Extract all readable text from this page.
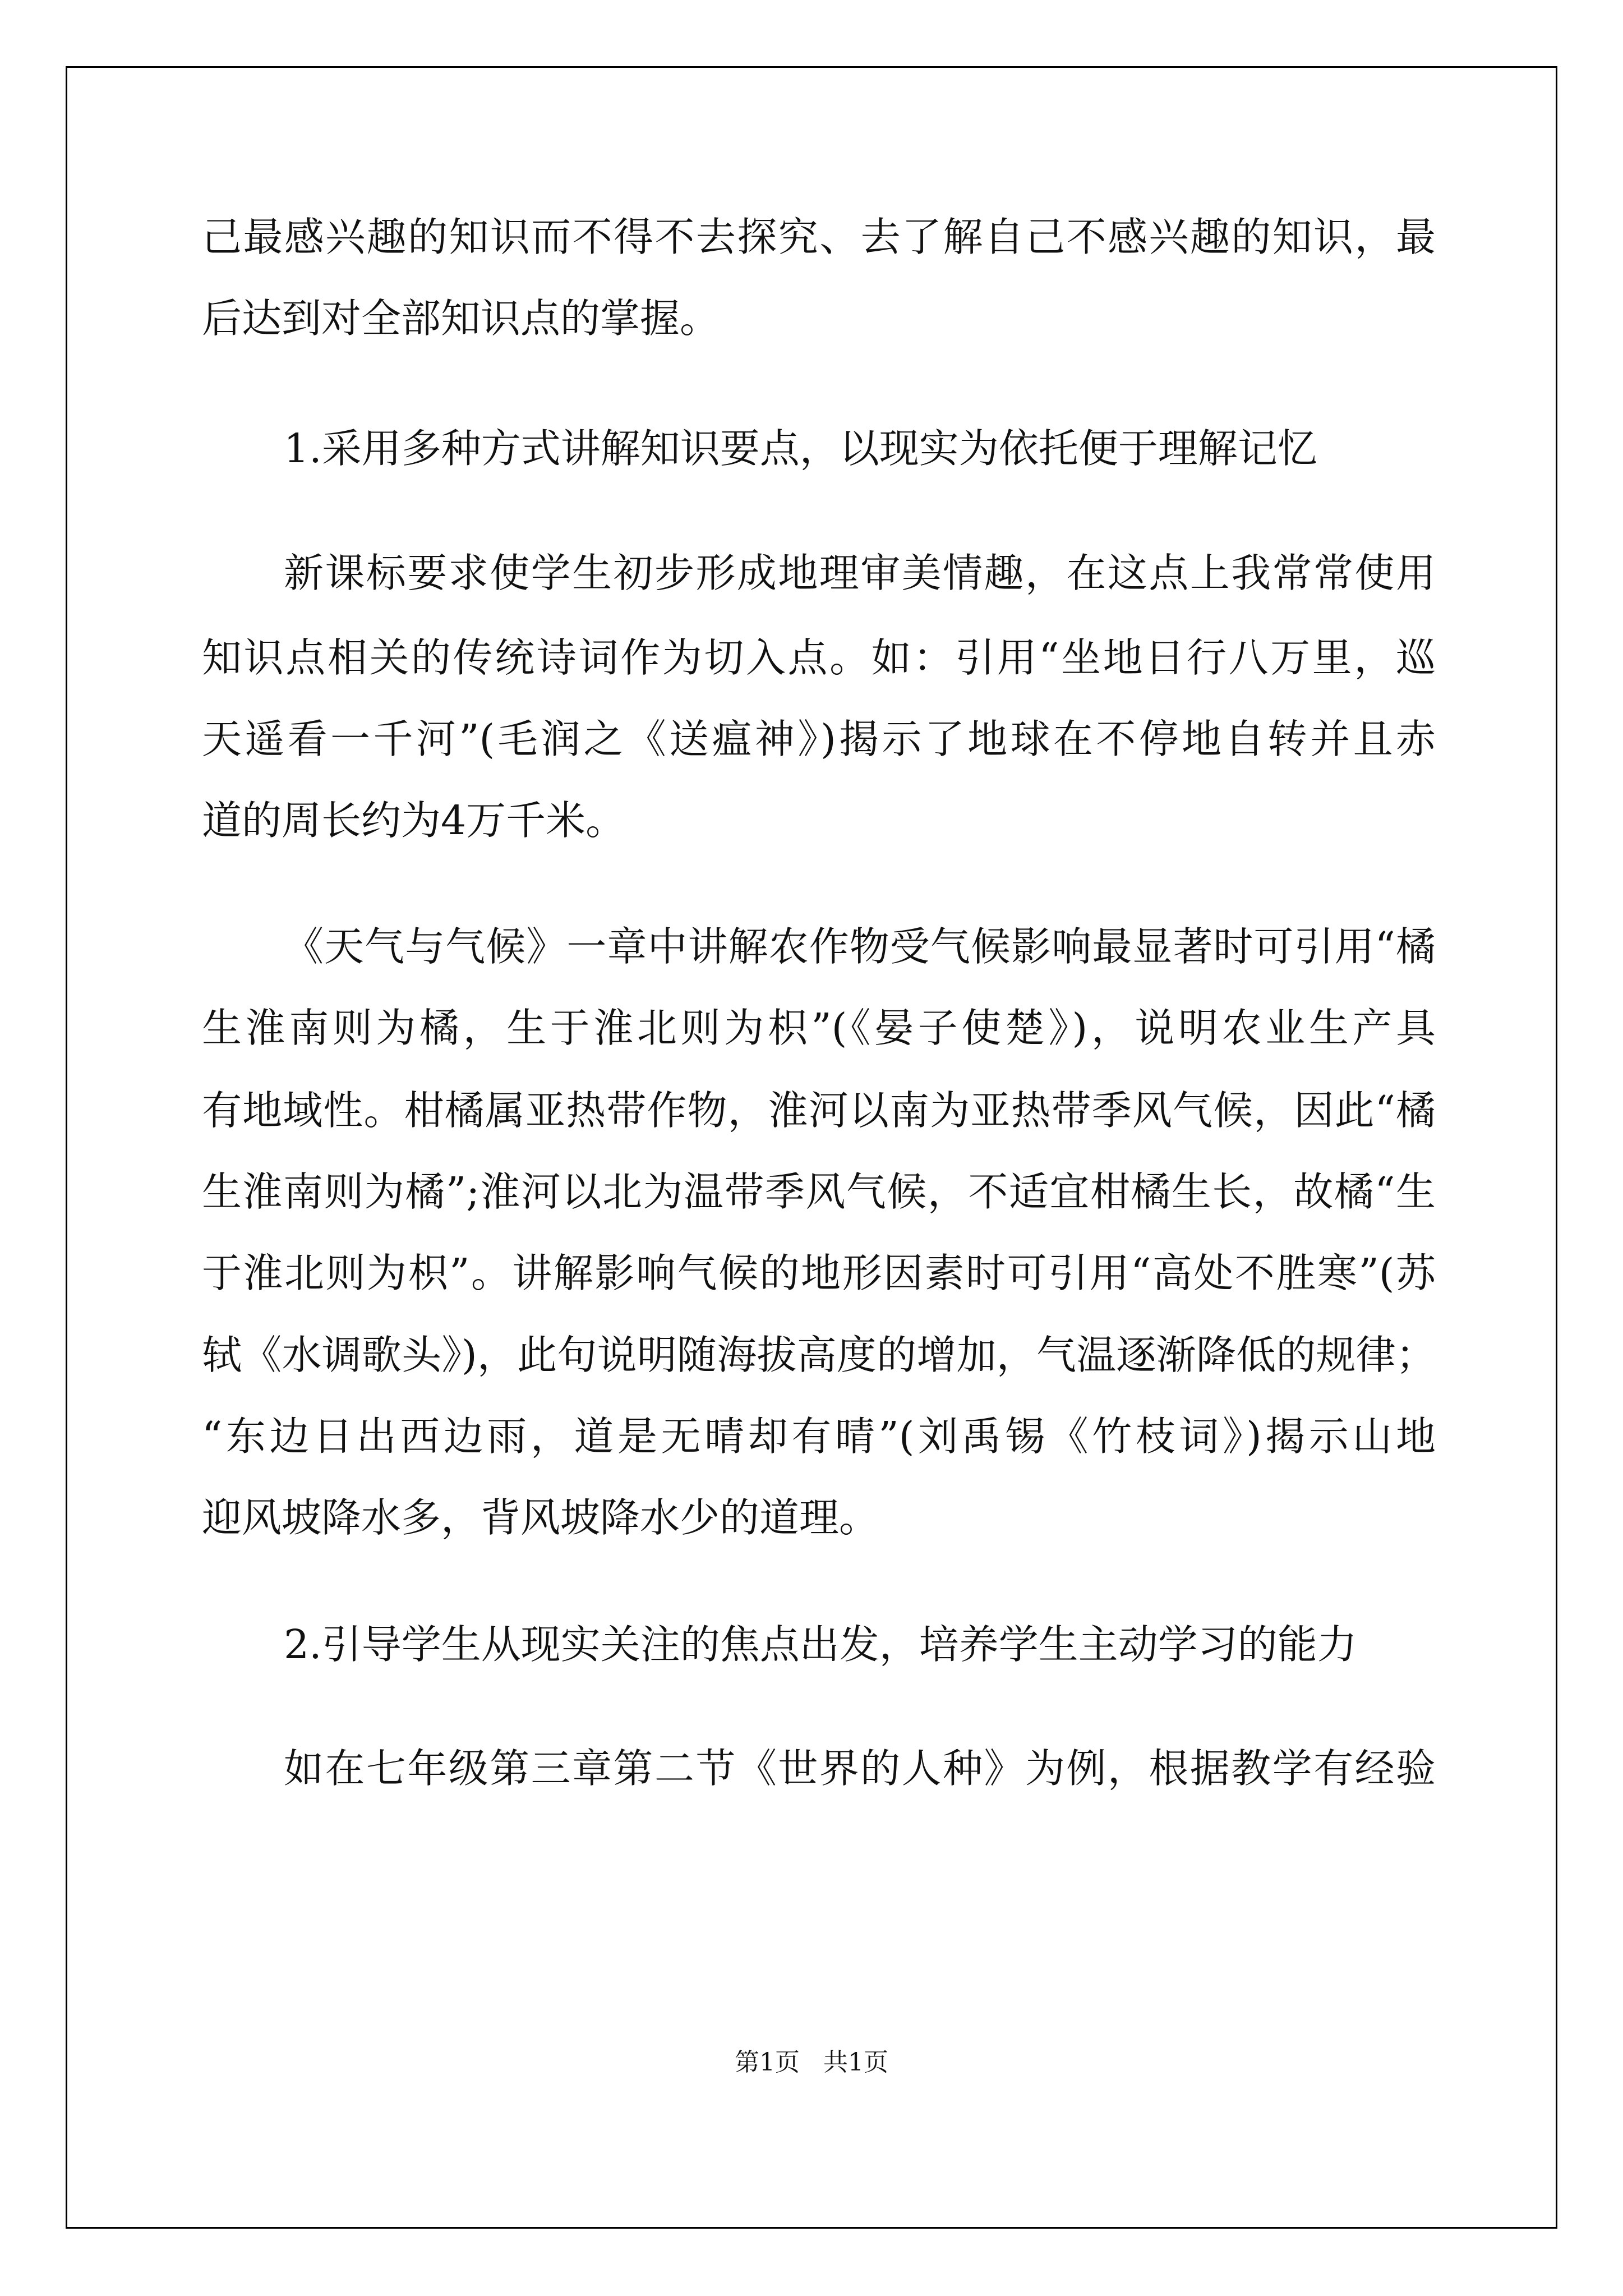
己最感兴趣的知识而不得不去探究、去了解自己不感兴趣的知识，最
后达到对全部知识点的掌握。
1.采用多种方式讲解知识要点，以现实为依托便于理解记忆
新课标要求使学生初步形成地理审美情趣，在这点上我常常使用
知识点相关的传统诗词作为切入点。如：引用“坐地日行八万里，巡
天遥看一千河”(毛润之《送瘟神》)揭示了地球在不停地自转并且赤
道的周长约为4万千米。
《天气与气候》一章中讲解农作物受气候影响最显著时可引用“橘
生淮南则为橘，生于淮北则为枳”(《晏子使楚》)，说明农业生产具
有地域性。柑橘属亚热带作物，淮河以南为亚热带季风气候，因此“橘
生淮南则为橘”;淮河以北为温带季风气候，不适宜柑橘生长，故橘“生
于淮北则为枳”。讲解影响气候的地形因素时可引用“高处不胜寒”(苏
轼《水调歌头》)，此句说明随海拔高度的增加，气温逐渐降低的规律；
“东边日出西边雨，道是无晴却有晴”(刘禹锡《竹枝词》)揭示山地
迎风坡降水多，背风坡降水少的道理。
2.引导学生从现实关注的焦点出发，培养学生主动学习的能力
如在七年级第三章第二节《世界的人种》为例，根据教学有经验
第1页   共1页
